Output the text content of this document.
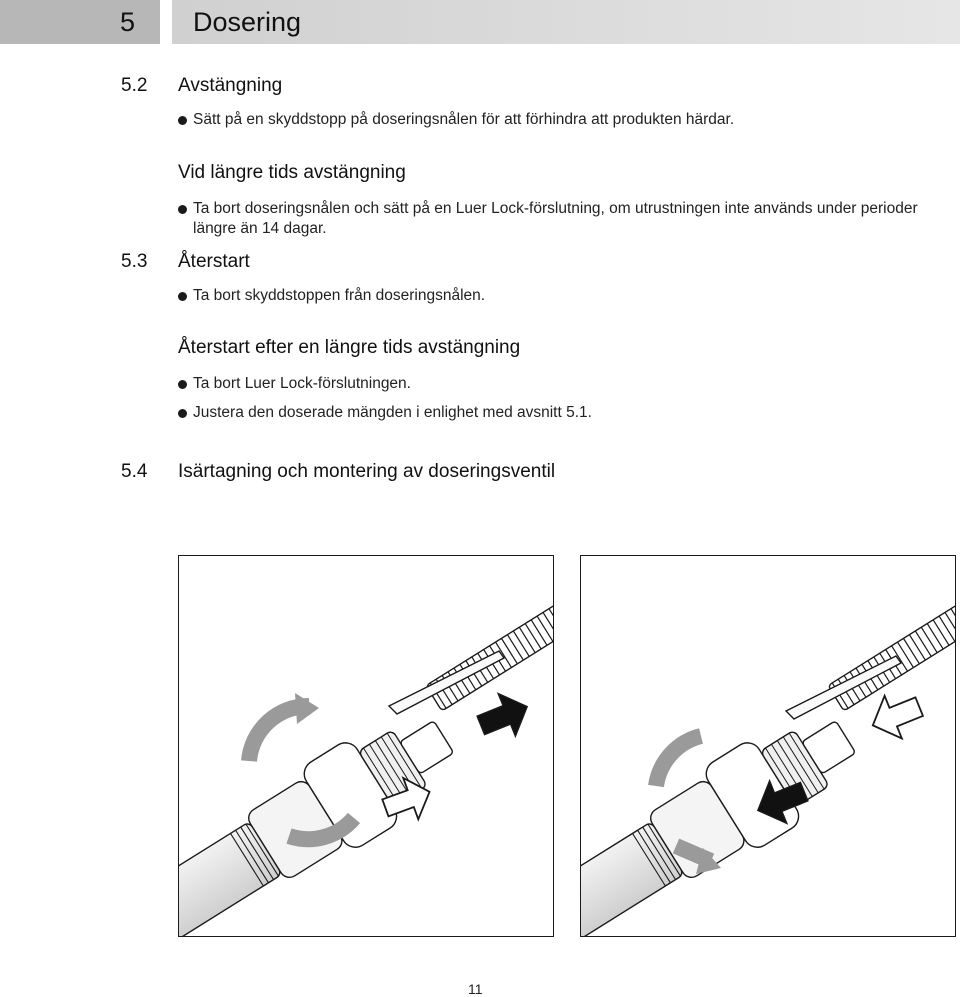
5 Dosering
5.2 Avstängning
Sätt på en skyddstopp på doseringsnålen för att förhindra att produkten härdar.
Vid längre tids avstängning
Ta bort doseringsnålen och sätt på en Luer Lock-förslutning, om utrustningen inte används under perioder längre än 14 dagar.
5.3 Återstart
Ta bort skyddstoppen från doseringsnålen.
Återstart efter en längre tids avstängning
Ta bort Luer Lock-förslutningen.
Justera den doserade mängden i enlighet med avsnitt 5.1.
5.4 Isärtagning och montering av doseringsventil
11
